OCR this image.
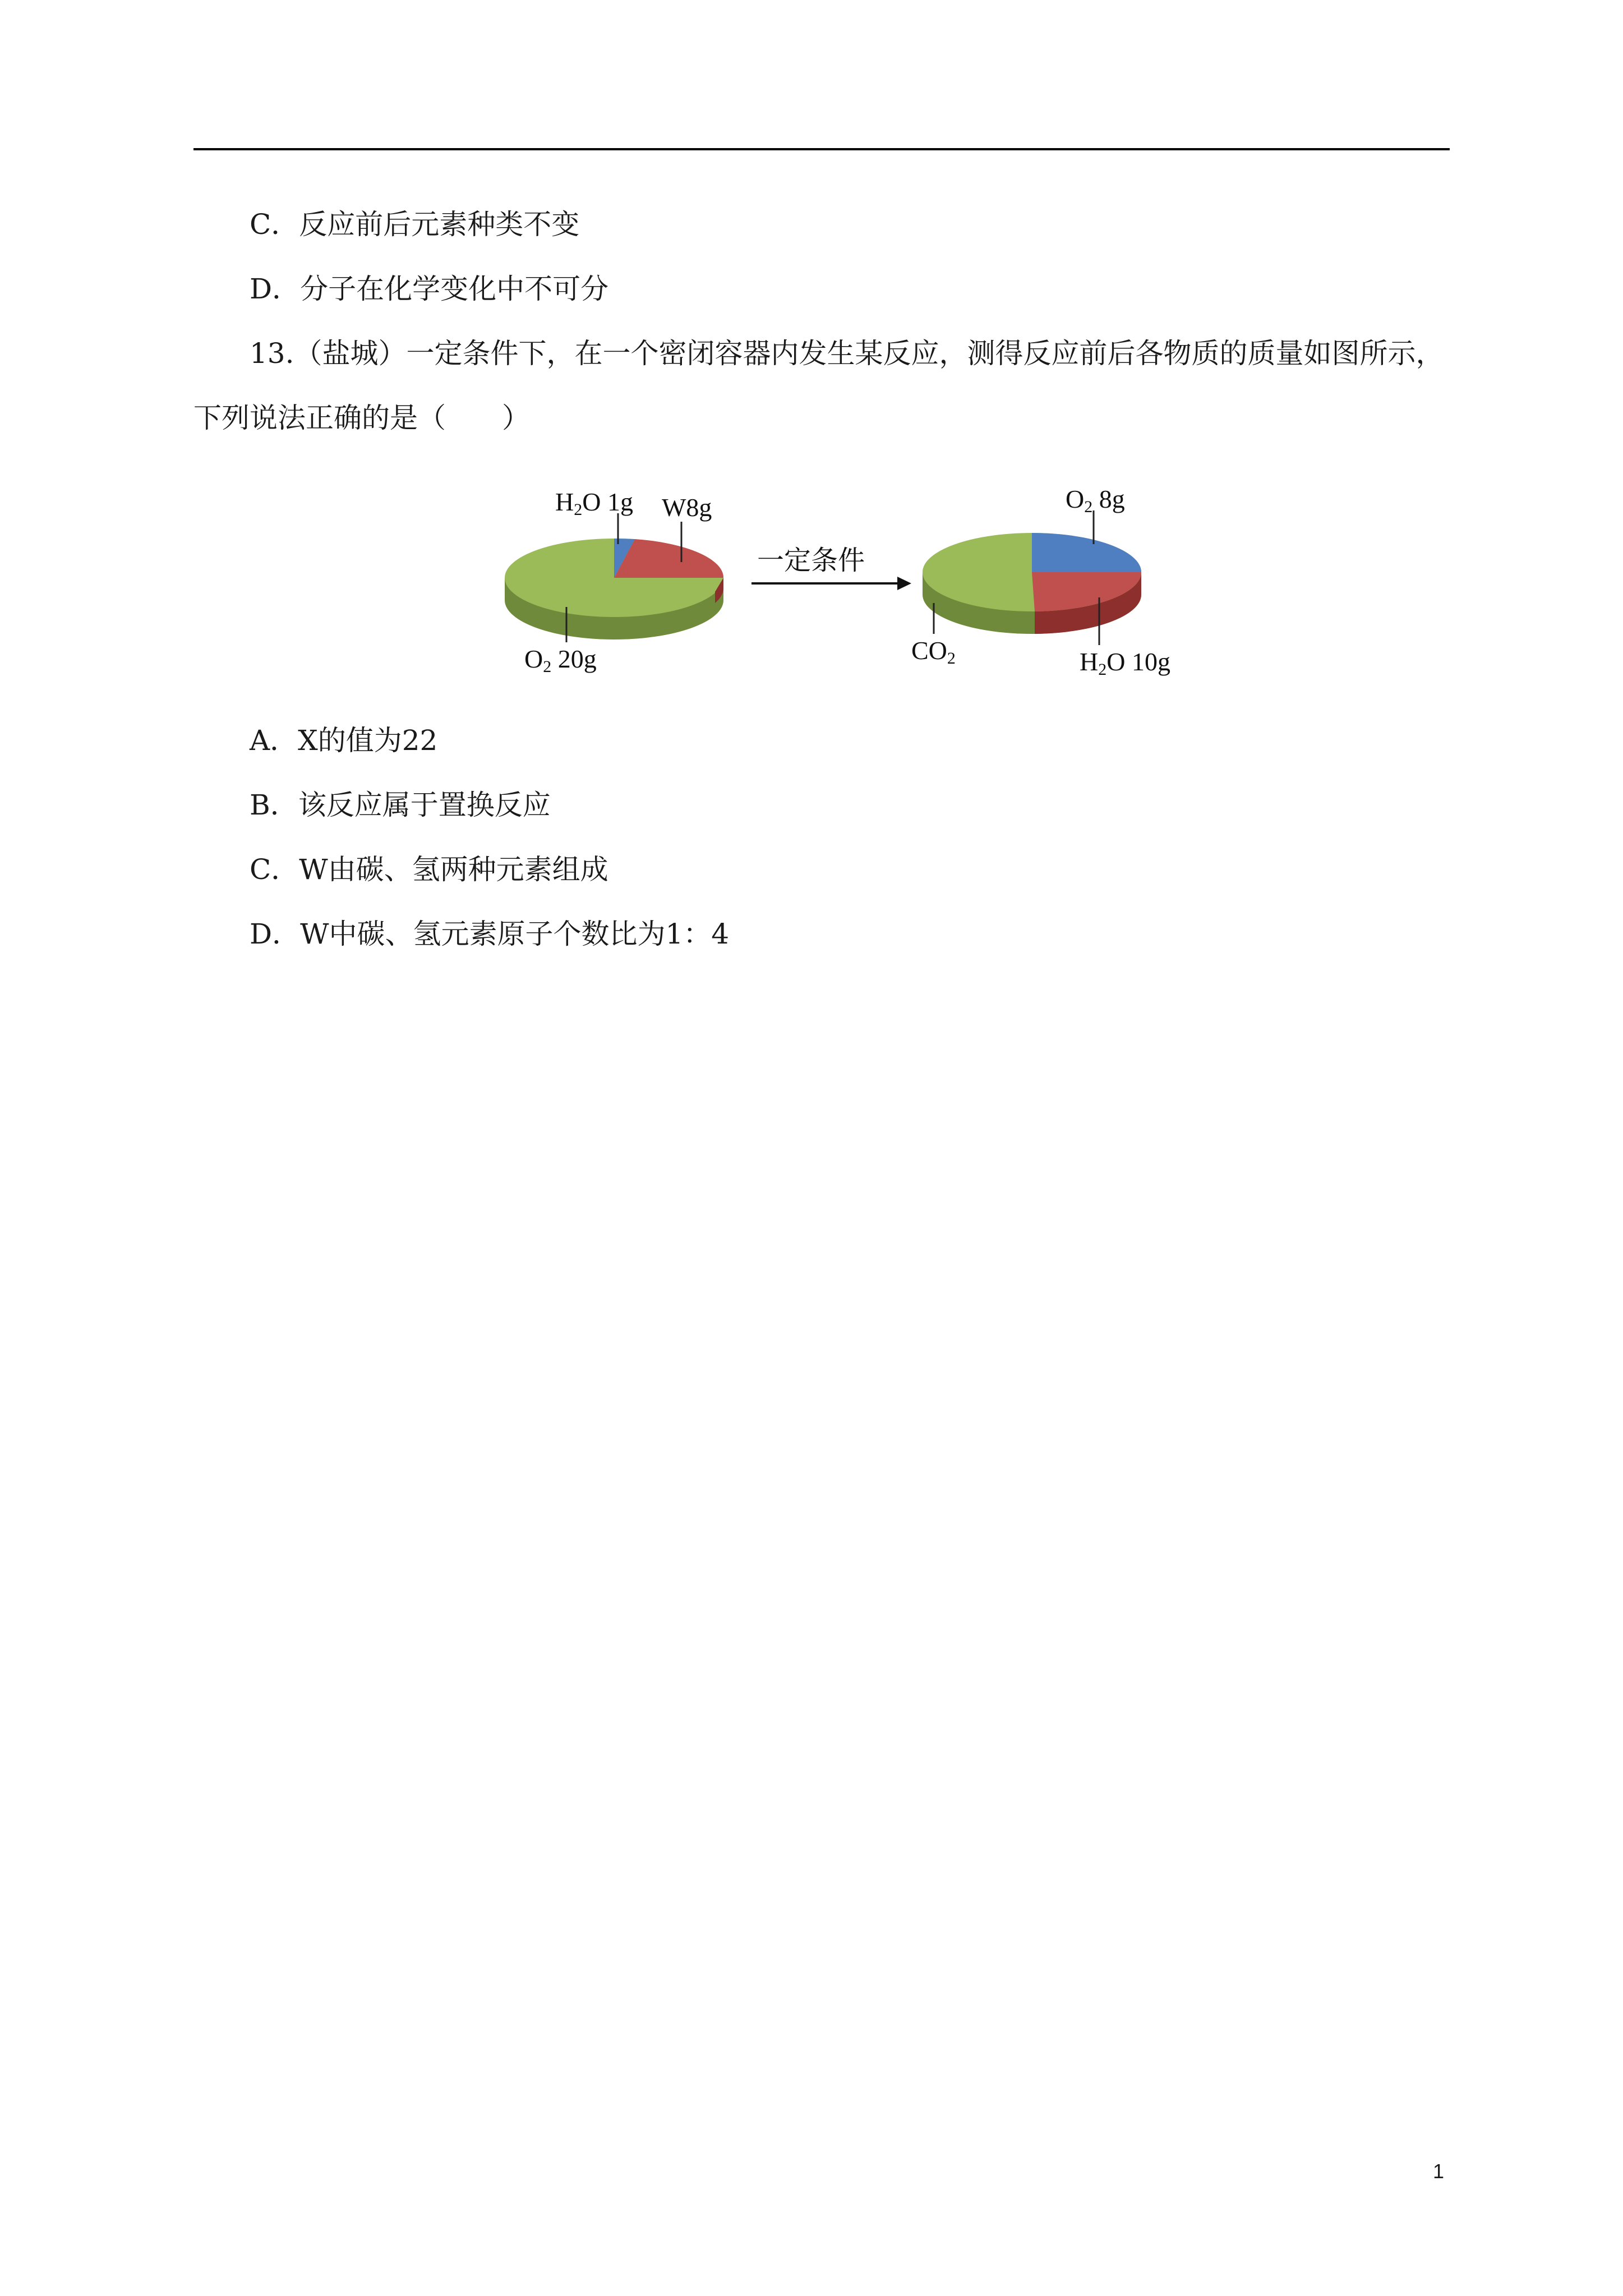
C．反应前后元素种类不变
D．分子在化学变化中不可分
13.（盐城）一定条件下，在一个密闭容器内发生某反应，测得反应前后各物质的质量如图所示，
下列说法正确的是（　　）
H2O 1g W8g
O2 20g
一定条件
O2 8g
CO2	H2O 10g
A．X的值为22
B．该反应属于置换反应
C．W由碳、氢两种元素组成
D．W中碳、氢元素原子个数比为1：4
1
